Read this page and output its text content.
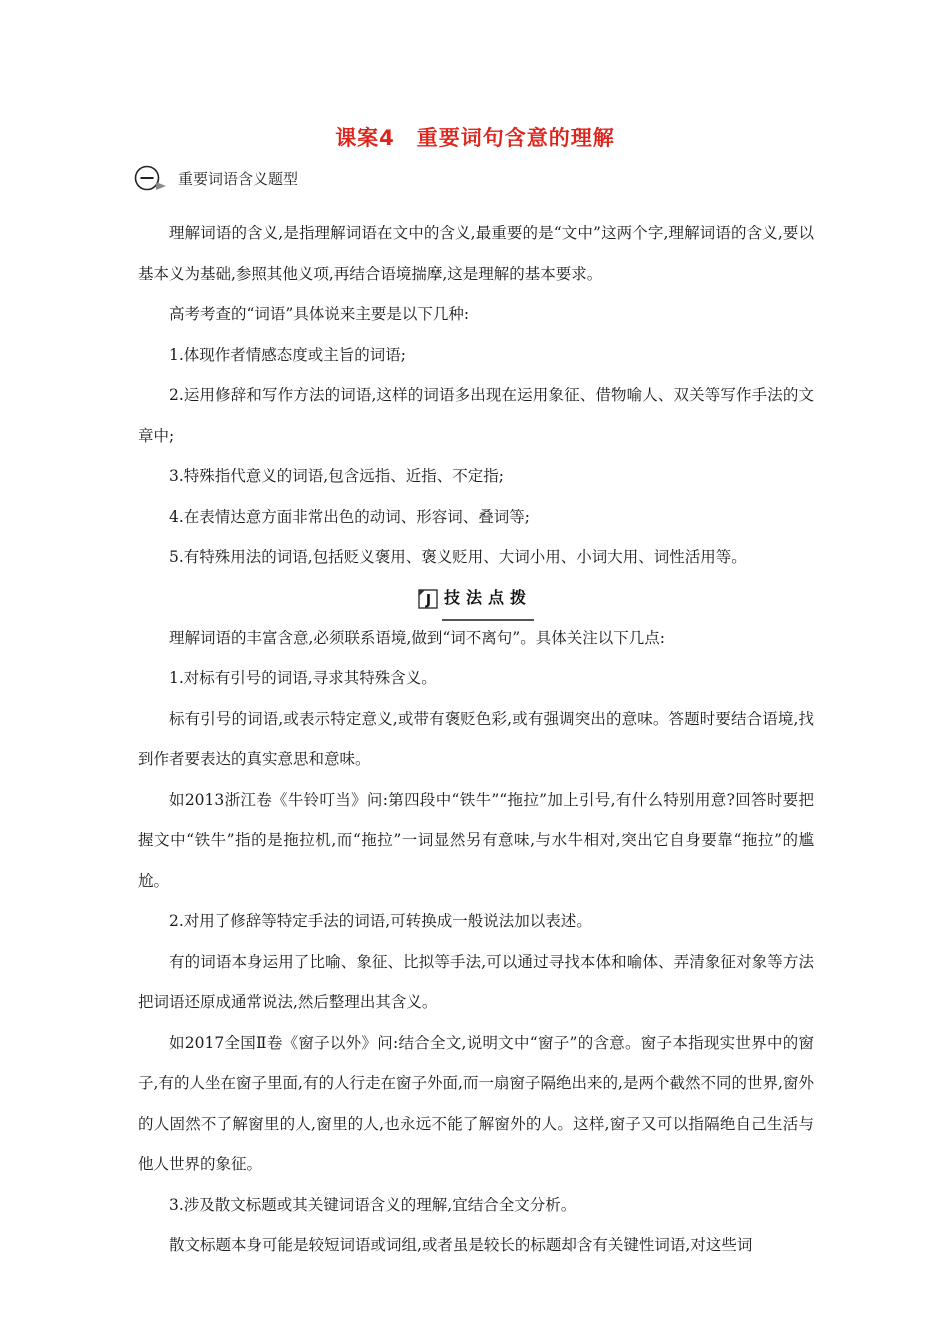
课案4　重要词句含意的理解
重要词语含义题型

理解词语的含义,是指理解词语在文中的含义,最重要的是“文中”这两个字,理解词语的含义,要以基本义为基础,参照其他义项,再结合语境揣摩,这是理解的基本要求。

高考考查的“词语”具体说来主要是以下几种:

1.体现作者情感态度或主旨的词语;

2.运用修辞和写作方法的词语,这样的词语多出现在运用象征、借物喻人、双关等写作手法的文章中;

3.特殊指代意义的词语,包含远指、近指、不定指;

4.在表情达意方面非常出色的动词、形容词、叠词等;

5.有特殊用法的词语,包括贬义褒用、褒义贬用、大词小用、小词大用、词性活用等。

J 技法点拨

理解词语的丰富含意,必须联系语境,做到“词不离句”。具体关注以下几点:

1.对标有引号的词语,寻求其特殊含义。

标有引号的词语,或表示特定意义,或带有褒贬色彩,或有强调突出的意味。答题时要结合语境,找到作者要表达的真实意思和意味。

如2013浙江卷《牛铃叮当》问:第四段中“铁牛”“拖拉”加上引号,有什么特别用意?回答时要把握文中“铁牛”指的是拖拉机,而“拖拉”一词显然另有意味,与水牛相对,突出它自身要靠“拖拉”的尴尬。

2.对用了修辞等特定手法的词语,可转换成一般说法加以表述。

有的词语本身运用了比喻、象征、比拟等手法,可以通过寻找本体和喻体、弄清象征对象等方法把词语还原成通常说法,然后整理出其含义。

如2017全国Ⅱ卷《窗子以外》问:结合全文,说明文中“窗子”的含意。窗子本指现实世界中的窗子,有的人坐在窗子里面,有的人行走在窗子外面,而一扇窗子隔绝出来的,是两个截然不同的世界,窗外的人固然不了解窗里的人,窗里的人,也永远不能了解窗外的人。这样,窗子又可以指隔绝自己生活与他人世界的象征。

3.涉及散文标题或其关键词语含义的理解,宜结合全文分析。

散文标题本身可能是较短词语或词组,或者虽是较长的标题却含有关键性词语,对这些词
